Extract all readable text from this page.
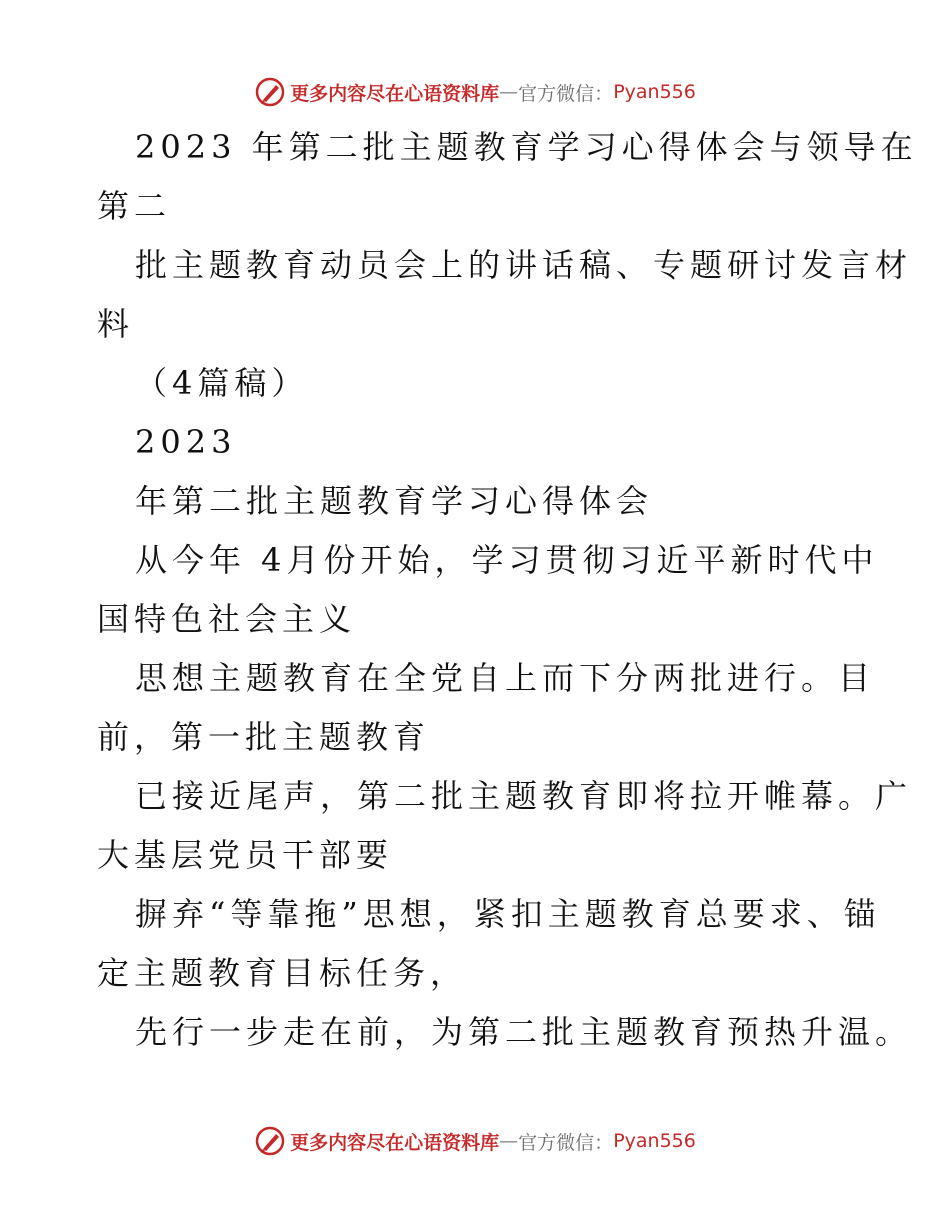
更多内容尽在心语资料库 — 官方微信： Pyan556
2023 年第二批主题教育学习心得体会与领导在
第二
批主题教育动员会上的讲话稿、专题研讨发言材
料
（4篇稿）
2023
年第二批主题教育学习心得体会
从今年 4月份开始，学习贯彻习近平新时代中
国特色社会主义
思想主题教育在全党自上而下分两批进行。目
前，第一批主题教育
已接近尾声，第二批主题教育即将拉开帷幕。广
大基层党员干部要
摒弃“等靠拖”思想，紧扣主题教育总要求、锚
定主题教育目标任务，
先行一步走在前，为第二批主题教育预热升温。
更多内容尽在心语资料库 — 官方微信： Pyan556
